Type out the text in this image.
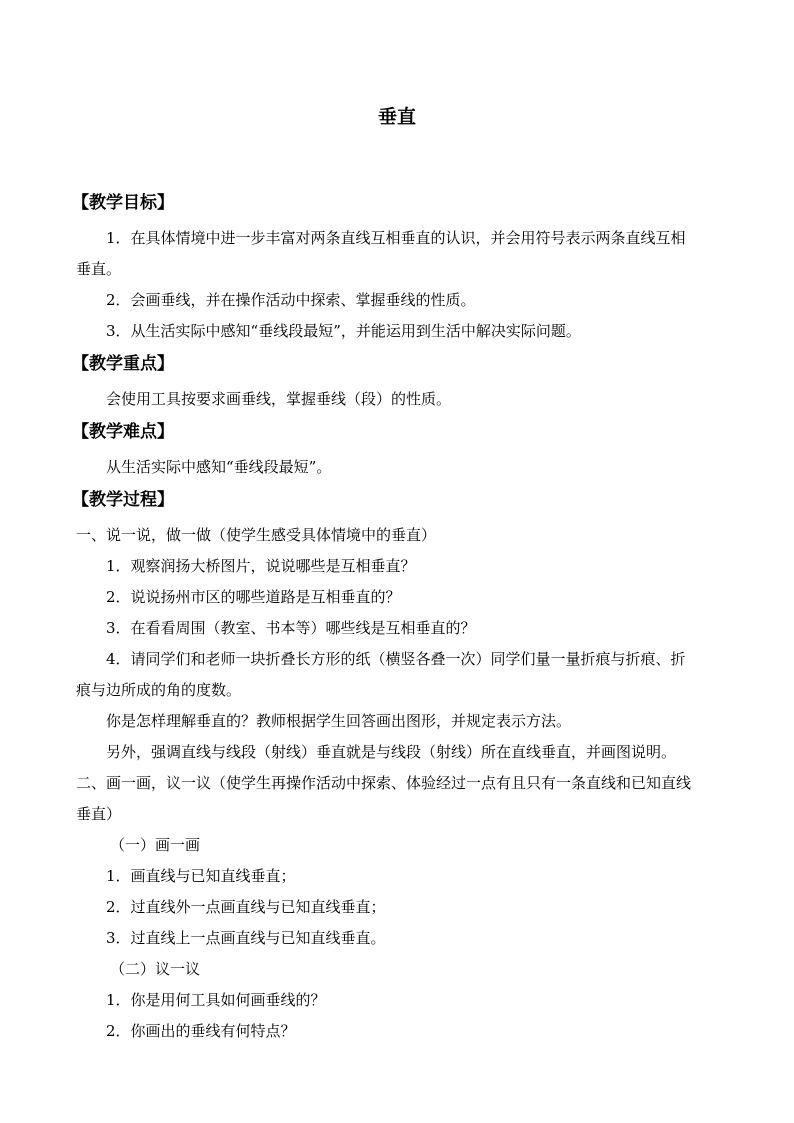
垂直
【教学目标】
1．在具体情境中进一步丰富对两条直线互相垂直的认识，并会用符号表示两条直线互相
垂直。
2．会画垂线，并在操作活动中探索、掌握垂线的性质。
3．从生活实际中感知“垂线段最短”，并能运用到生活中解决实际问题。
【教学重点】
会使用工具按要求画垂线，掌握垂线（段）的性质。
【教学难点】
从生活实际中感知“垂线段最短”。
【教学过程】
一、说一说，做一做（使学生感受具体情境中的垂直）
1．观察润扬大桥图片，说说哪些是互相垂直？
2．说说扬州市区的哪些道路是互相垂直的？
3．在看看周围（教室、书本等）哪些线是互相垂直的？
4．请同学们和老师一块折叠长方形的纸（横竖各叠一次）同学们量一量折痕与折痕、折
痕与边所成的角的度数。
你是怎样理解垂直的？教师根据学生回答画出图形，并规定表示方法。
另外，强调直线与线段（射线）垂直就是与线段（射线）所在直线垂直，并画图说明。
二、画一画，议一议（使学生再操作活动中探索、体验经过一点有且只有一条直线和已知直线
垂直）
（一）画一画
1．画直线与已知直线垂直；
2．过直线外一点画直线与已知直线垂直；
3．过直线上一点画直线与已知直线垂直。
（二）议一议
1．你是用何工具如何画垂线的？
2．你画出的垂线有何特点？
